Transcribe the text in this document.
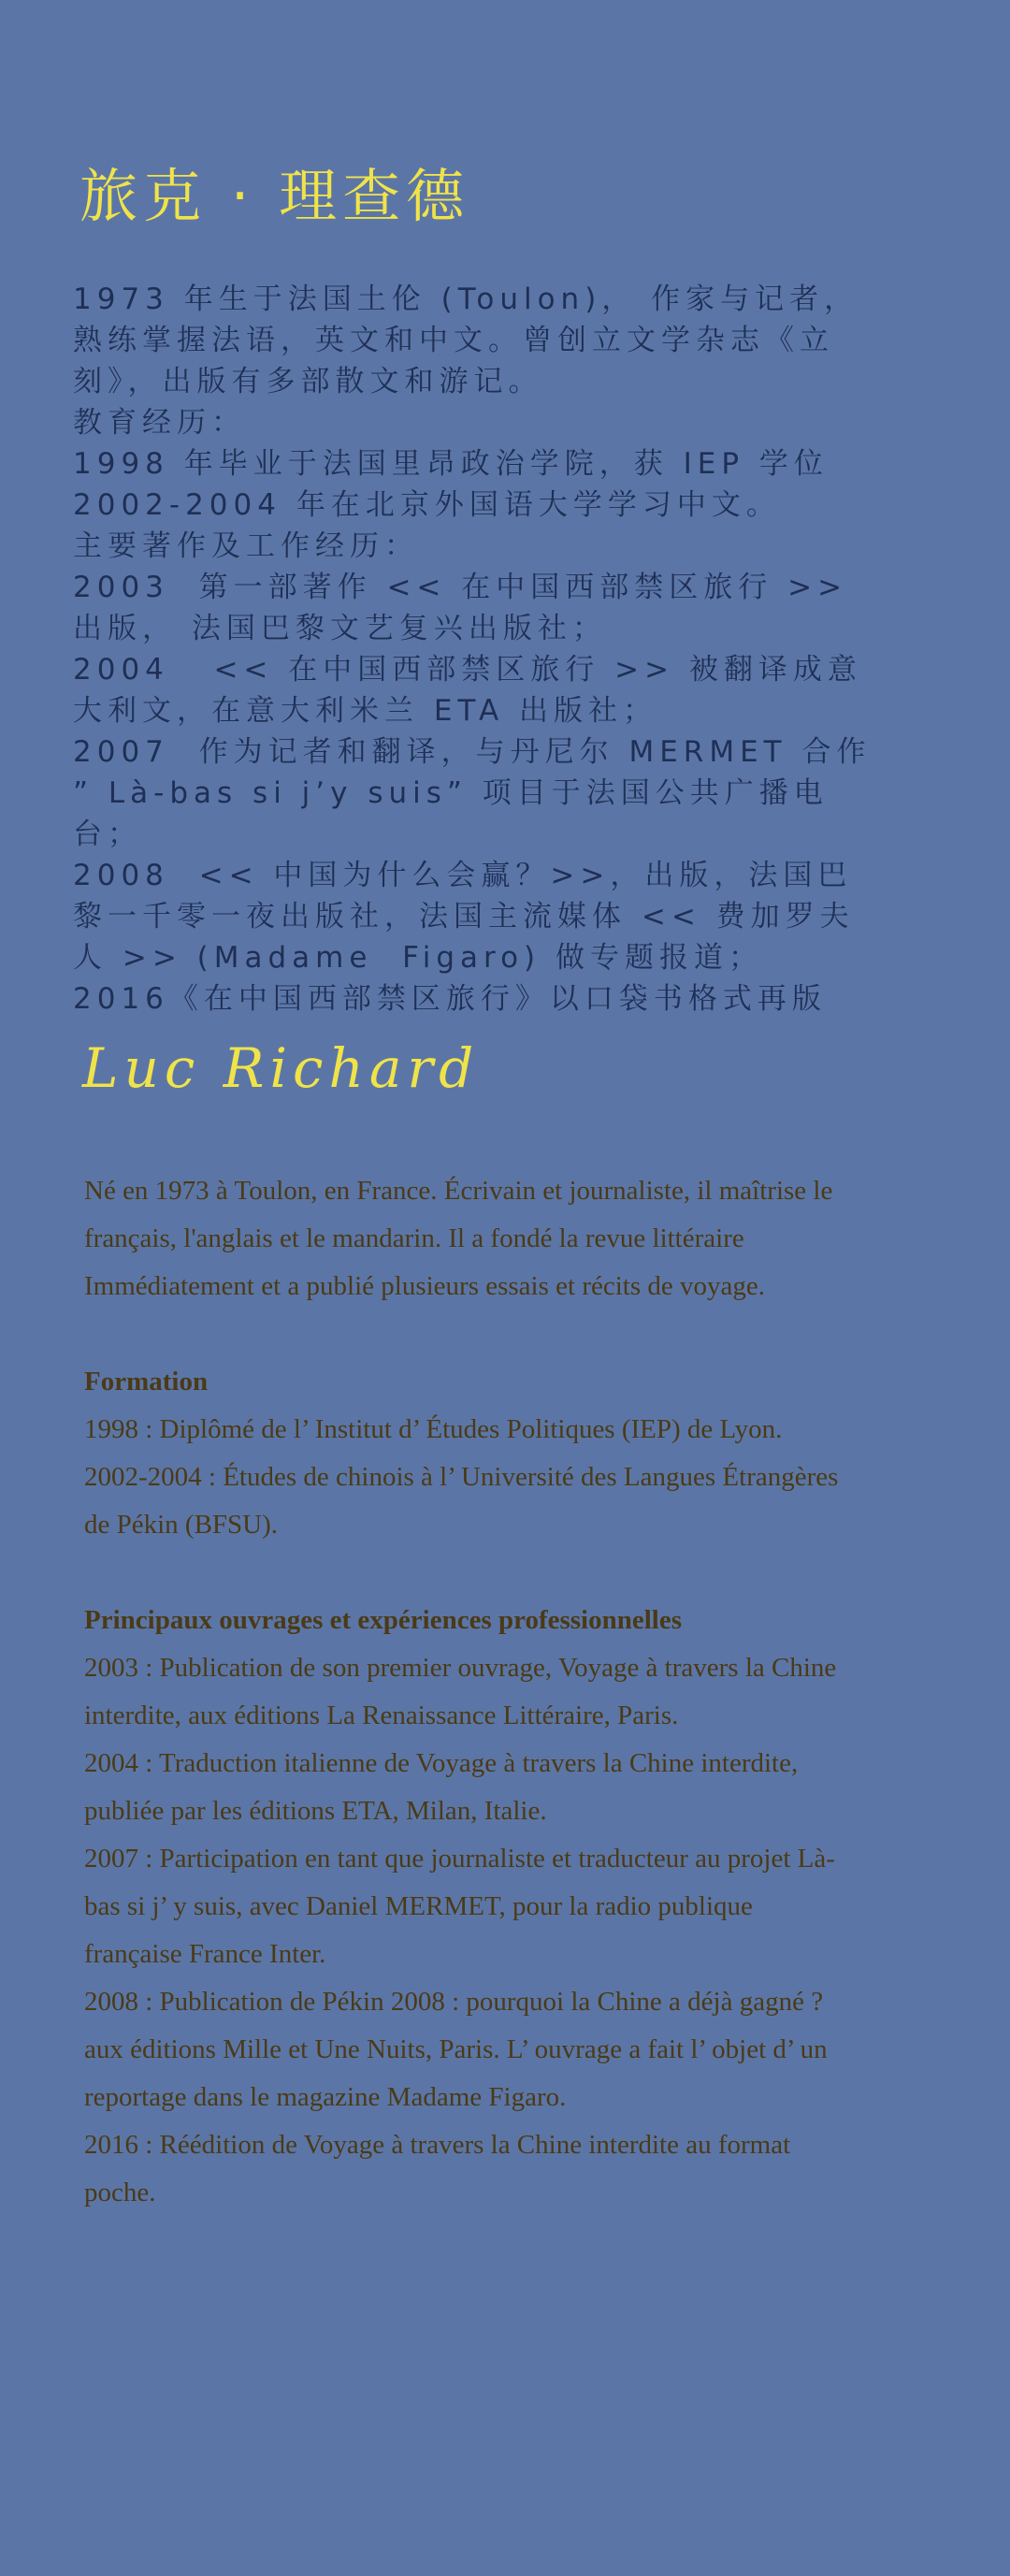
旅克 · 理查德

1973 年生于法国土伦 (Toulon)， 作家与记者，熟练掌握法语，英文和中文。曾创立文学杂志《立刻》，出版有多部散文和游记。

教育经历：

1998 年毕业于法国里昂政治学院，获 IEP 学位

2002-2004 年在北京外国语大学学习中文。

主要著作及工作经历：

2003  第一部著作 << 在中国西部禁区旅行 >> 出版， 法国巴黎文艺复兴出版社；

2004   << 在中国西部禁区旅行 >> 被翻译成意大利文，在意大利米兰 ETA 出版社；

2007  作为记者和翻译，与丹尼尔 MERMET 合作 ” Là-bas si j’y suis” 项目于法国公共广播电台；

2008  << 中国为什么会赢？>>，出版，法国巴黎一千零一夜出版社，法国主流媒体 << 费加罗夫人 >> (Madame  Figaro) 做专题报道；

2016《在中国西部禁区旅行》以口袋书格式再版

Luc Richard

Né en 1973 à Toulon, en France. Écrivain et journaliste, il maîtrise le français, l'anglais et le mandarin. Il a fondé la revue littéraire Immédiatement et a publié plusieurs essais et récits de voyage.

Formation

1998 : Diplômé de l’ Institut d’ Études Politiques (IEP) de Lyon.

2002-2004 : Études de chinois à l’ Université des Langues Étrangères de Pékin (BFSU).

Principaux ouvrages et expériences professionnelles

2003 : Publication de son premier ouvrage, Voyage à travers la Chine interdite, aux éditions La Renaissance Littéraire, Paris.

2004 : Traduction italienne de Voyage à travers la Chine interdite, publiée par les éditions ETA, Milan, Italie.

2007 : Participation en tant que journaliste et traducteur au projet Là-bas si j’ y suis, avec Daniel MERMET, pour la radio publique française France Inter.

2008 : Publication de Pékin 2008 : pourquoi la Chine a déjà gagné ? aux éditions Mille et Une Nuits, Paris. L’ ouvrage a fait l’ objet d’ un reportage dans le magazine Madame Figaro.

2016 : Réédition de Voyage à travers la Chine interdite au format poche.
